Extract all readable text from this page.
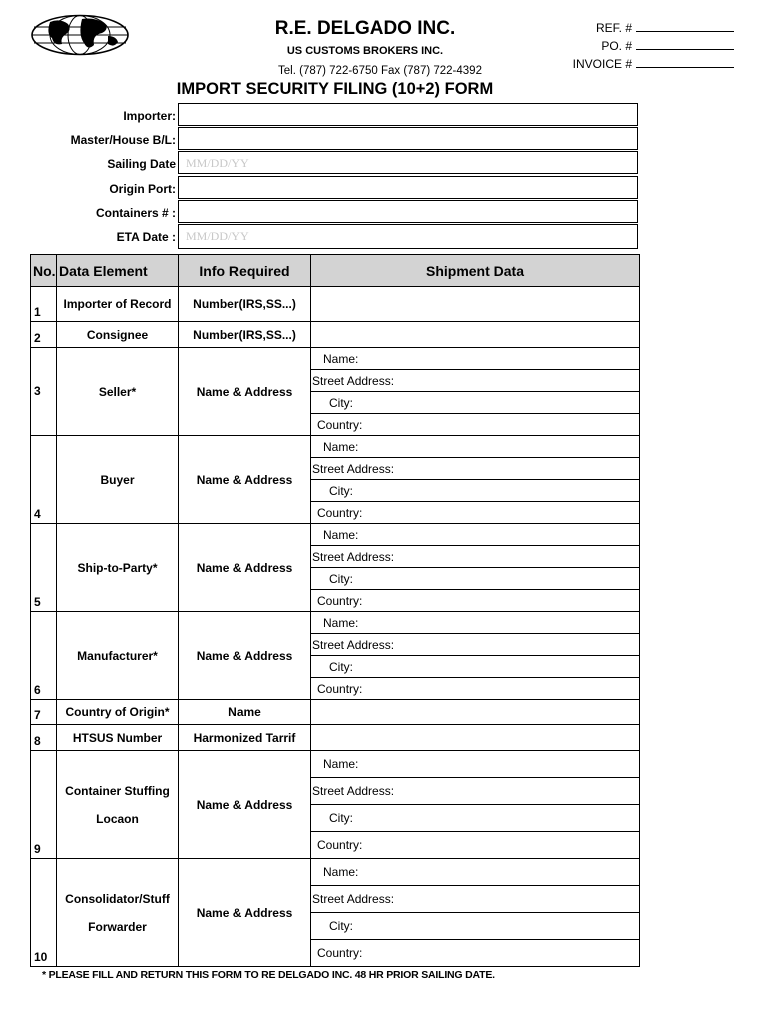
R.E. DELGADO INC.
US CUSTOMS BROKERS INC.
Tel. (787) 722-6750 Fax (787) 722-4392
REF. #
PO. #
INVOICE #
IMPORT SECURITY FILING (10+2) FORM
Importer:
Master/House B/L:
Sailing Date MM/DD/YY
Origin Port:
Containers # :
ETA Date : MM/DD/YY
No.	Data Element	Info Required	Shipment Data
1	Importer of Record	Number(IRS,SS...)	
2	Consignee	Number(IRS,SS...)	
3	Seller*	Name & Address	Name:
			Street Address:
			City:
			Country:
4	Buyer	Name & Address	Name:
			Street Address:
			City:
			Country:
5	Ship-to-Party*	Name & Address	Name:
			Street Address:
			City:
			Country:
6	Manufacturer*	Name & Address	Name:
			Street Address:
			City:
			Country:
7	Country of Origin*	Name	
8	HTSUS Number	Harmonized Tarrif	
9	Container Stuffing
Locaon	Name & Address	Name:
			Street Address:
			City:
			Country:
10	Consolidator/Stuff
Forwarder	Name & Address	Name:
			Street Address:
			City:
			Country:
* PLEASE FILL AND RETURN THIS FORM TO RE DELGADO INC. 48 HR PRIOR SAILING DATE.
